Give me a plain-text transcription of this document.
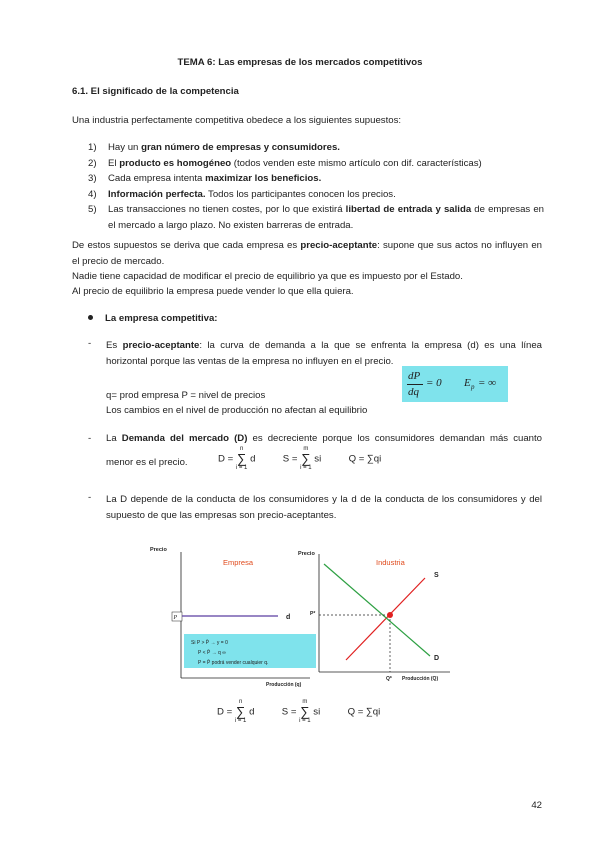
TEMA 6: Las empresas de los mercados competitivos
6.1. El significado de la competencia
Una industria perfectamente competitiva obedece a los siguientes supuestos:
1) Hay un gran número de empresas y consumidores.
2) El producto es homogéneo (todos venden este mismo artículo con dif. características)
3) Cada empresa intenta maximizar los beneficios.
4) Información perfecta. Todos los participantes conocen los precios.
5) Las transacciones no tienen costes, por lo que existirá libertad de entrada y salida de empresas en el mercado a largo plazo. No existen barreras de entrada.
De estos supuestos se deriva que cada empresa es precio-aceptante: supone que sus actos no influyen en el precio de mercado.
Nadie tiene capacidad de modificar el precio de equilibrio ya que es impuesto por el Estado.
Al precio de equilibrio la empresa puede vender lo que ella quiera.
La empresa competitiva:
- Es precio-aceptante: la curva de demanda a la que se enfrenta la empresa (d) es una línea horizontal porque las ventas de la empresa no influyen en el precio.
q= prod empresa P = nivel de precios
Los cambios en el nivel de producción no afectan al equilibrio
dP
dq
= 0 E p = ∞
- La Demanda del mercado (D) es decreciente porque los consumidores demandan más cuanto
menor es el precio.	D =
n
∑
i = 1
d	S =
m
∑
i = 1
si	Q = ∑qi
- La D depende de la conducta de los consumidores y la d de la conducta de los consumidores y del supuesto de que las empresas son precio-aceptantes.
Precio
Empresa
P	d
Si P > P̄ → y = 0
P < P̄ → q ∞
P = P̄ podrá vender cualquier q.
Producción (q)
Precio
Industria
S
D
P*
Q* Producción (Q)
D =
n
∑
i = 1
d	S =
m
∑
i = 1
si	Q = ∑qi
42
